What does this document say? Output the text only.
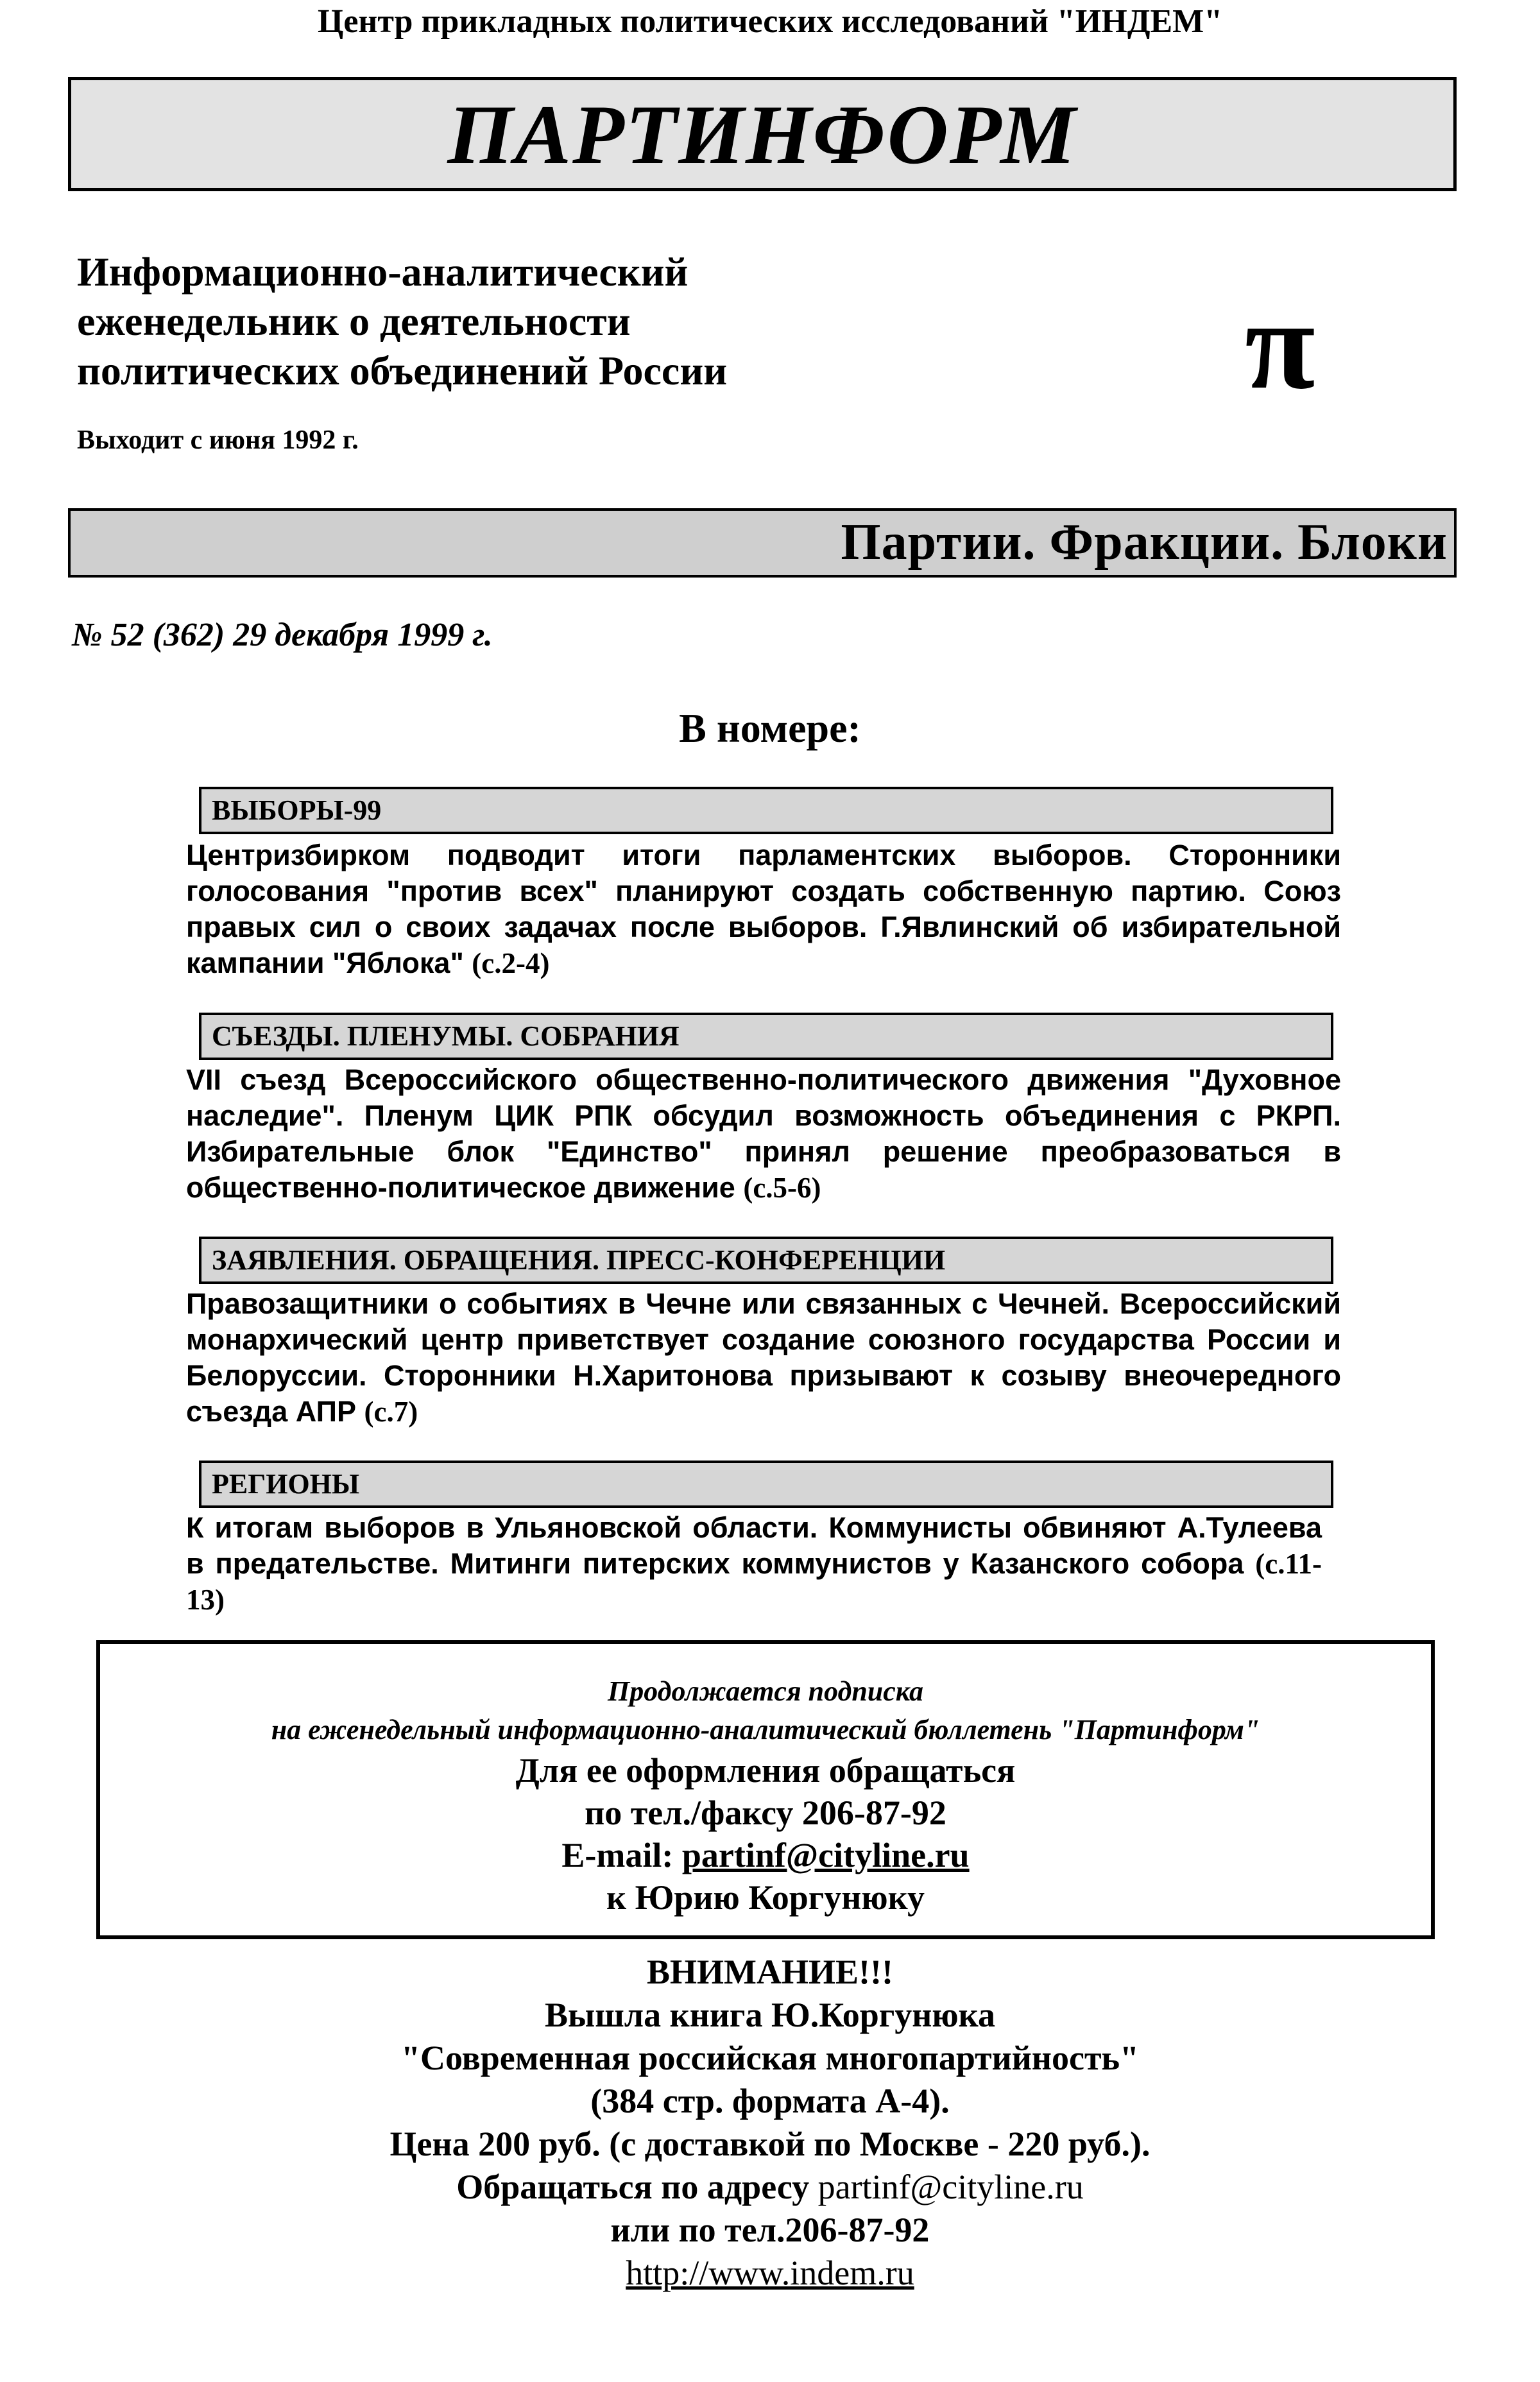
Центр прикладных политических исследований "ИНДЕМ"
ПАРТИНФОРМ
Информационно-аналитический
еженедельник о деятельности
политических объединений России
Выходит с июня 1992 г.
π
Партии. Фракции. Блоки
№ 52 (362) 29 декабря 1999 г.
В номере:
ВЫБОРЫ-99
Центризбирком подводит итоги парламентских выборов. Сторонники голосования "против всех" планируют создать собственную партию. Союз правых сил о своих задачах после выборов. Г.Явлинский об избирательной кампании "Яблока" (с.2-4)
СЪЕЗДЫ. ПЛЕНУМЫ. СОБРАНИЯ
VII съезд Всероссийского общественно-политического движения "Духовное наследие". Пленум ЦИК РПК обсудил возможность объединения с РКРП. Избирательные блок "Единство" принял решение преобразоваться в общественно-политическое движение (с.5-6)
ЗАЯВЛЕНИЯ. ОБРАЩЕНИЯ. ПРЕСС-КОНФЕРЕНЦИИ
Правозащитники о событиях в Чечне или связанных с Чечней. Всероссийский монархический центр приветствует создание союзного государства России и Белоруссии. Сторонники Н.Харитонова призывают к созыву внеочередного съезда АПР (с.7)
РЕГИОНЫ
К итогам выборов в Ульяновской области. Коммунисты обвиняют А.Тулеева в предательстве. Митинги питерских коммунистов у Казанского собора (с.11-13)
Продолжается подписка
на еженедельный информационно-аналитический бюллетень "Партинформ"
Для ее оформления обращаться
по тел./факсу 206-87-92
E-mail: partinf@cityline.ru
к Юрию Коргунюку
ВНИМАНИЕ!!!
Вышла книга Ю.Коргунюка
"Современная российская многопартийность"
(384 стр. формата А-4).
Цена 200 руб. (с доставкой по Москве - 220 руб.).
Обращаться по адресу partinf@cityline.ru
или по тел.206-87-92
http://www.indem.ru
